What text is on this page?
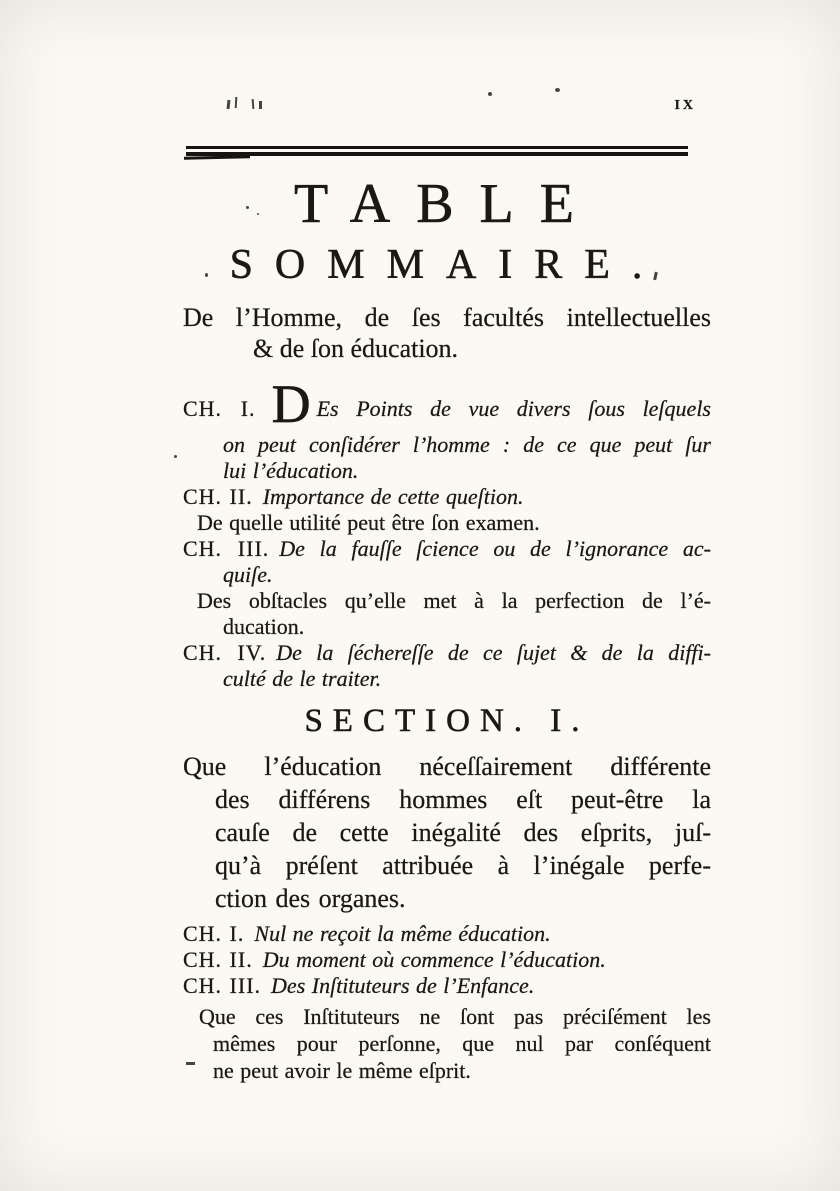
ix
TABLE
SOMMAIRE.
De l’Homme, de ſes facultés intellectuelles
& de ſon éducation.
CH. I. D Es Points de vue divers ſous leſquels
on peut conſidérer l’homme : de ce que peut ſur
lui l’éducation.
CH. II. Importance de cette queſtion.
De quelle utilité peut être ſon examen.
CH. III. De la fauſſe ſcience ou de l’ignorance ac-
quiſe.
Des obſtacles qu’elle met à la perfection de l’é-
ducation.
CH. IV. De la ſéchereſſe de ce ſujet & de la diffi-
culté de le traiter.
SECTION. I.
Que l’éducation néceſſairement différente
des différens hommes eſt peut-être la
cauſe de cette inégalité des eſprits, juſ-
qu’à préſent attribuée à l’inégale perfe-
ction des organes.
CH. I. Nul ne reçoit la même éducation.
CH. II. Du moment où commence l’éducation.
CH. III. Des Inſtituteurs de l’Enfance.
Que ces Inſtituteurs ne ſont pas préciſément les
mêmes pour perſonne, que nul par conſéquent
ne peut avoir le même eſprit.
